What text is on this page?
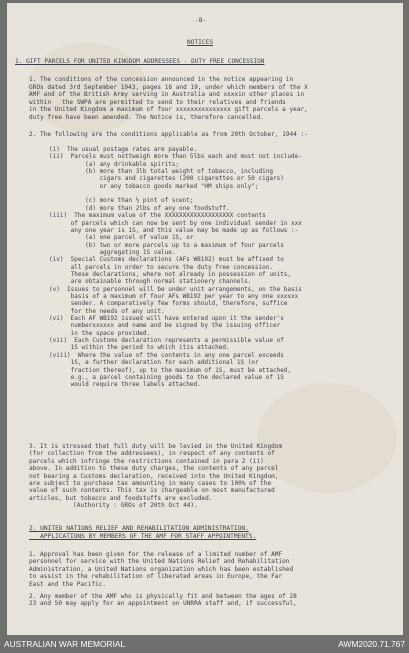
-8-
NOTICES
1. GIFT PARCELS FOR UNITED KINGDOM ADDRESSEES - DUTY FREE CONCESSION
1. The conditions of the concession announced in the notice appearing in
GROs dated 3rd September 1943, pages 18 and 19, under which members of the X
AMF and of the British Army serving in Australia and xxxxin other places in
within   the SWPA are permitted to send to their relatives and friends
in the United Kingdom a maximum of four xxxxxxxxxxxxxxx gift parcels a year,
duty free have been amended. The Notice is, therefore cancelled.
2. The following are the conditions applicable as from 20th October, 1944 :-
(i)  The usual postage rates are payable.
(ii)  Parcels must nottweigh more than 5lbs each and must not include-
(a) any drinkable spirits;
(b) more than 3lb total weight of tobacco, including
cigars and cigarettes (200 cigarettes or 50 cigars)
or any tobacco goods marked "HM ships only";
(c) more than ½ pint of scent;
(d) more than 2lbs of any one foodstuff.
(iii)  The maximum value of the XXXXXXXXXXXXXXXXXXX contents
of parcels which can now be sent by one individual sender in xxx
any one year is 1S, and this value may be made up as follows :-
(a) one parcel of value 1S, or
(b) two or more parcels up to a maximum of four parcels
aggregating 1S value.
(iv)  Special Customs declarations (AFs WB192) must be affixed to
all parcels in order to secure the duty free concession.
These declarations, where not already in possession of units,
are obtainable through normal stationery channels.
(v)  Issues to personnel will be under unit arrangements, on the basis
basis of a maximum of four AFs WB192 per year to any one xxxxxx
sender. A comparatively few forms should, therefore, suffice
for the needs of any unit.
(vi)  Each AF WB192 issued will have entered upon it the sender's
numberxxxxxx and name and be signed by the issuing officer
in the space provided.
(vii)  Each Customs declaration represents a permissible value of
1S within the period to which itis attached.
(viii)  Where the value of the contents in any one parcel exceeds
1S, a further declaration for each additional 1S (or
fraction thereof), up to the maximum of 1S, must be attached,
e.g., a parcel containing goods to the declared value of 1S
would require three labels attached.
3. It is stressed that full duty will be levied in the United Kingdom
(for collection from the addressees), in respect of any contents of
parcels which infringe the restrictions contained in para 2 (ii)
above. In addition to these duty charges, the contents of any parcel
not bearing a Customs declaration, received into the United Kingdom,
are subject to purchase tax amounting in many cases to 100% of the
value of such contents. This tax is chargeable on most manufactured
articles, but tobacco and foodstuffs are excluded.
(Authority : GROs of 20th Oct 44).
2. UNITED NATIONS RELIEF AND REHABILITATION ADMINISTRATION.
APPLICATIONS BY MEMBERS OF THE AMF FOR STAFF APPOINTMENTS.
1. Approval has been given for the release of a limited number of AMF
personnel for service with the United Nations Relief and Rehabilitation
Administration, a United Nations organization which has been established
to assist in the rehabilitation of liberated areas in Europe, the Far
East and the Pacific.
2. Any member of the AMF who is physically fit and between the ages of 28
23 and 50 may apply for an appointment on UNRRA staff and, if successful,
AUSTRALIAN WAR MEMORIAL	AWM2020.71.767
